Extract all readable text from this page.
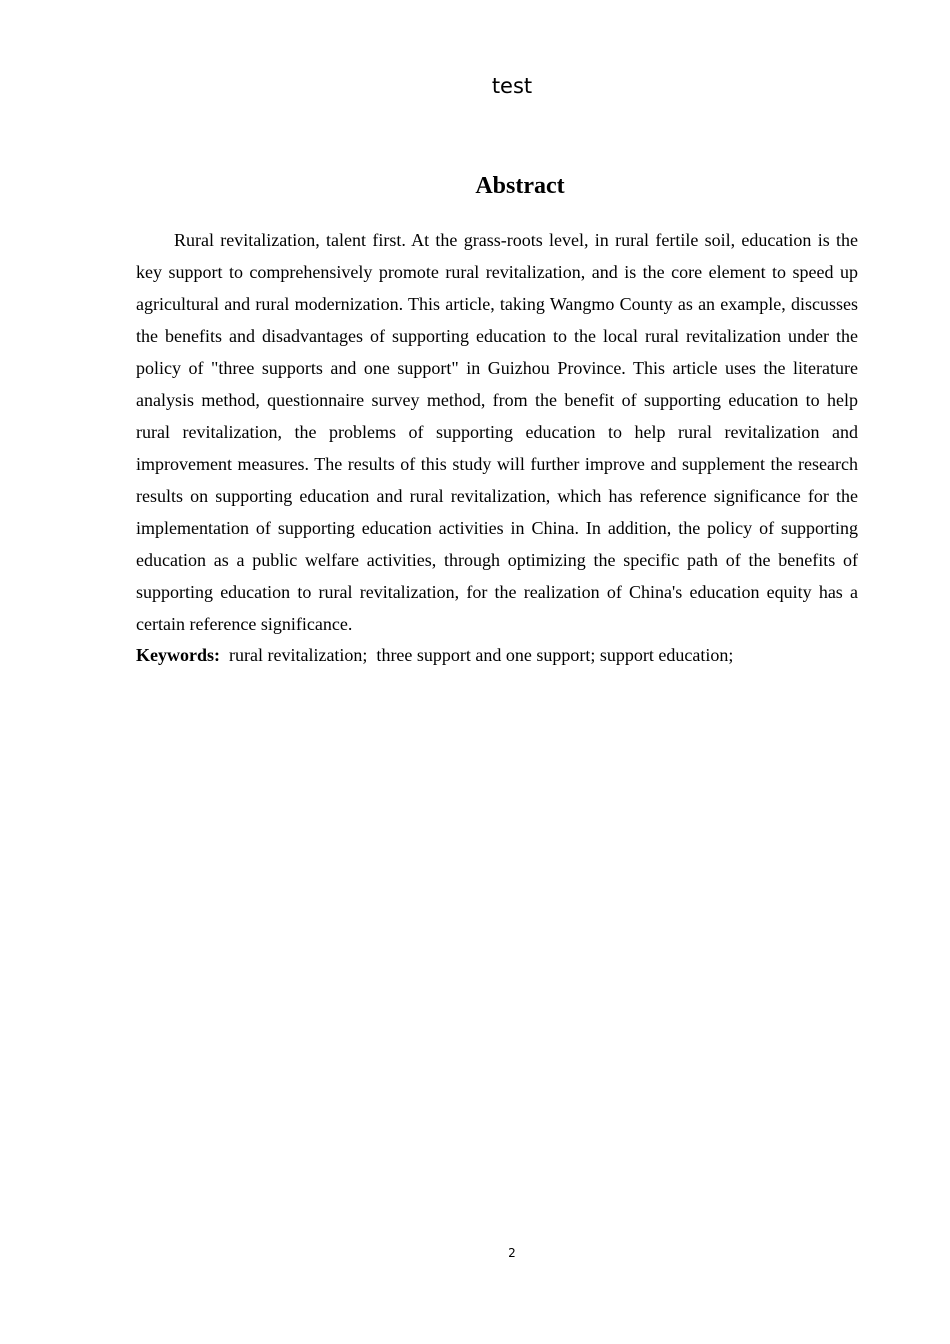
test
Abstract

Rural revitalization, talent first. At the grass-roots level, in rural fertile soil, education is the key support to comprehensively promote rural revitalization, and is the core element to speed up agricultural and rural modernization. This article, taking Wangmo County as an example, discusses the benefits and disadvantages of supporting education to the local rural revitalization under the policy of "three supports and one support" in Guizhou Province. This article uses the literature analysis method, questionnaire survey method, from the benefit of supporting education to help rural revitalization, the problems of supporting education to help rural revitalization and improvement measures. The results of this study will further improve and supplement the research results on supporting education and rural revitalization, which has reference significance for the implementation of supporting education activities in China. In addition, the policy of supporting education as a public welfare activities, through optimizing the specific path of the benefits of supporting education to rural revitalization, for the realization of China's education equity has a certain reference significance.

Keywords:  rural revitalization;  three support and one support; support education;
2
